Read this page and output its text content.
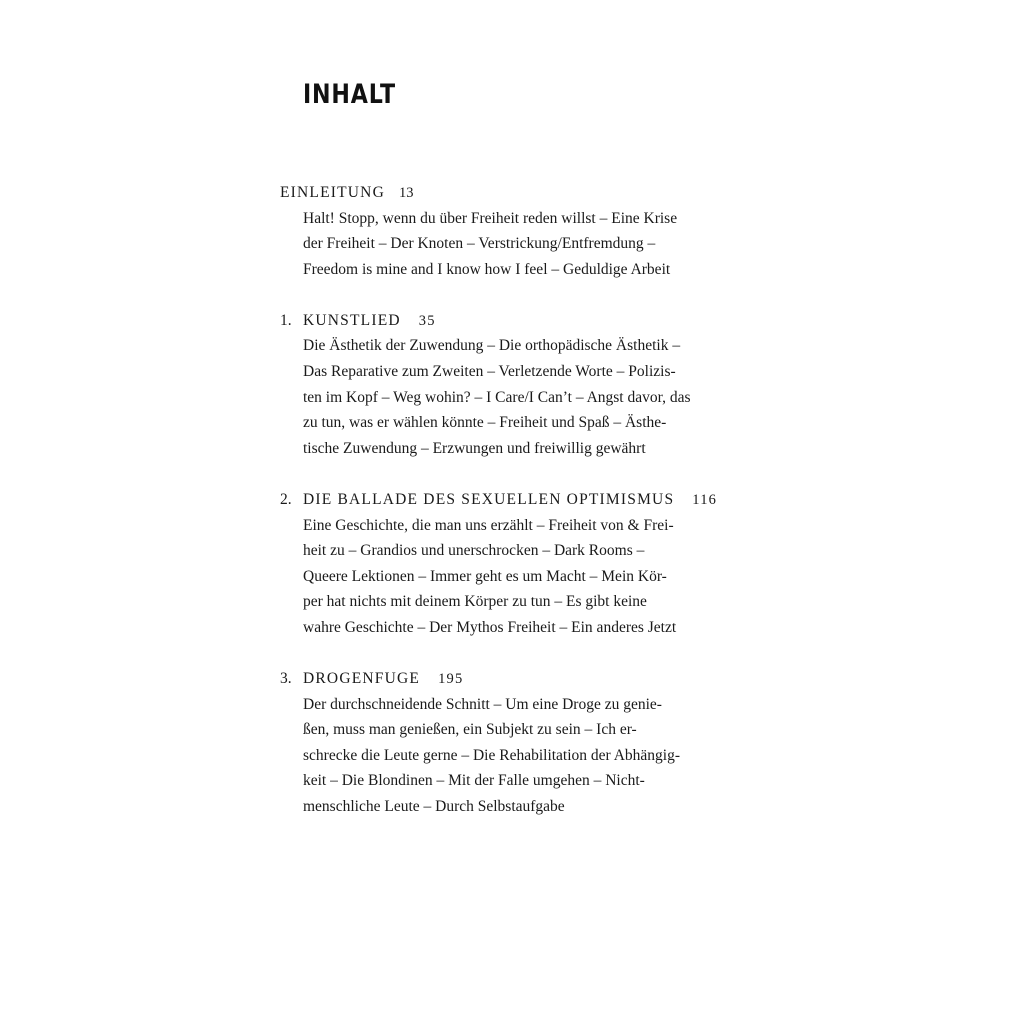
INHALT
EINLEITUNG 13
Halt! Stopp, wenn du über Freiheit reden willst – Eine Krise
der Freiheit – Der Knoten – Verstrickung/Entfremdung –
Freedom is mine and I know how I feel – Geduldige Arbeit
1. KUNSTLIED 35
Die Ästhetik der Zuwendung – Die orthopädische Ästhetik –
Das Reparative zum Zweiten – Verletzende Worte – Polizis-
ten im Kopf – Weg wohin? – I Care/I Can’t – Angst davor, das
zu tun, was er wählen könnte – Freiheit und Spaß – Ästhe-
tische Zuwendung – Erzwungen und freiwillig gewährt
2. DIE BALLADE DES SEXUELLEN OPTIMISMUS 116
Eine Geschichte, die man uns erzählt – Freiheit von & Frei-
heit zu – Grandios und unerschrocken – Dark Rooms –
Queere Lektionen – Immer geht es um Macht – Mein Kör-
per hat nichts mit deinem Körper zu tun – Es gibt keine
wahre Geschichte – Der Mythos Freiheit – Ein anderes Jetzt
3. DROGENFUGE 195
Der durchschneidende Schnitt – Um eine Droge zu genie-
ßen, muss man genießen, ein Subjekt zu sein – Ich er-
schrecke die Leute gerne – Die Rehabilitation der Abhängig-
keit – Die Blondinen – Mit der Falle umgehen – Nicht-
menschliche Leute – Durch Selbstaufgabe
